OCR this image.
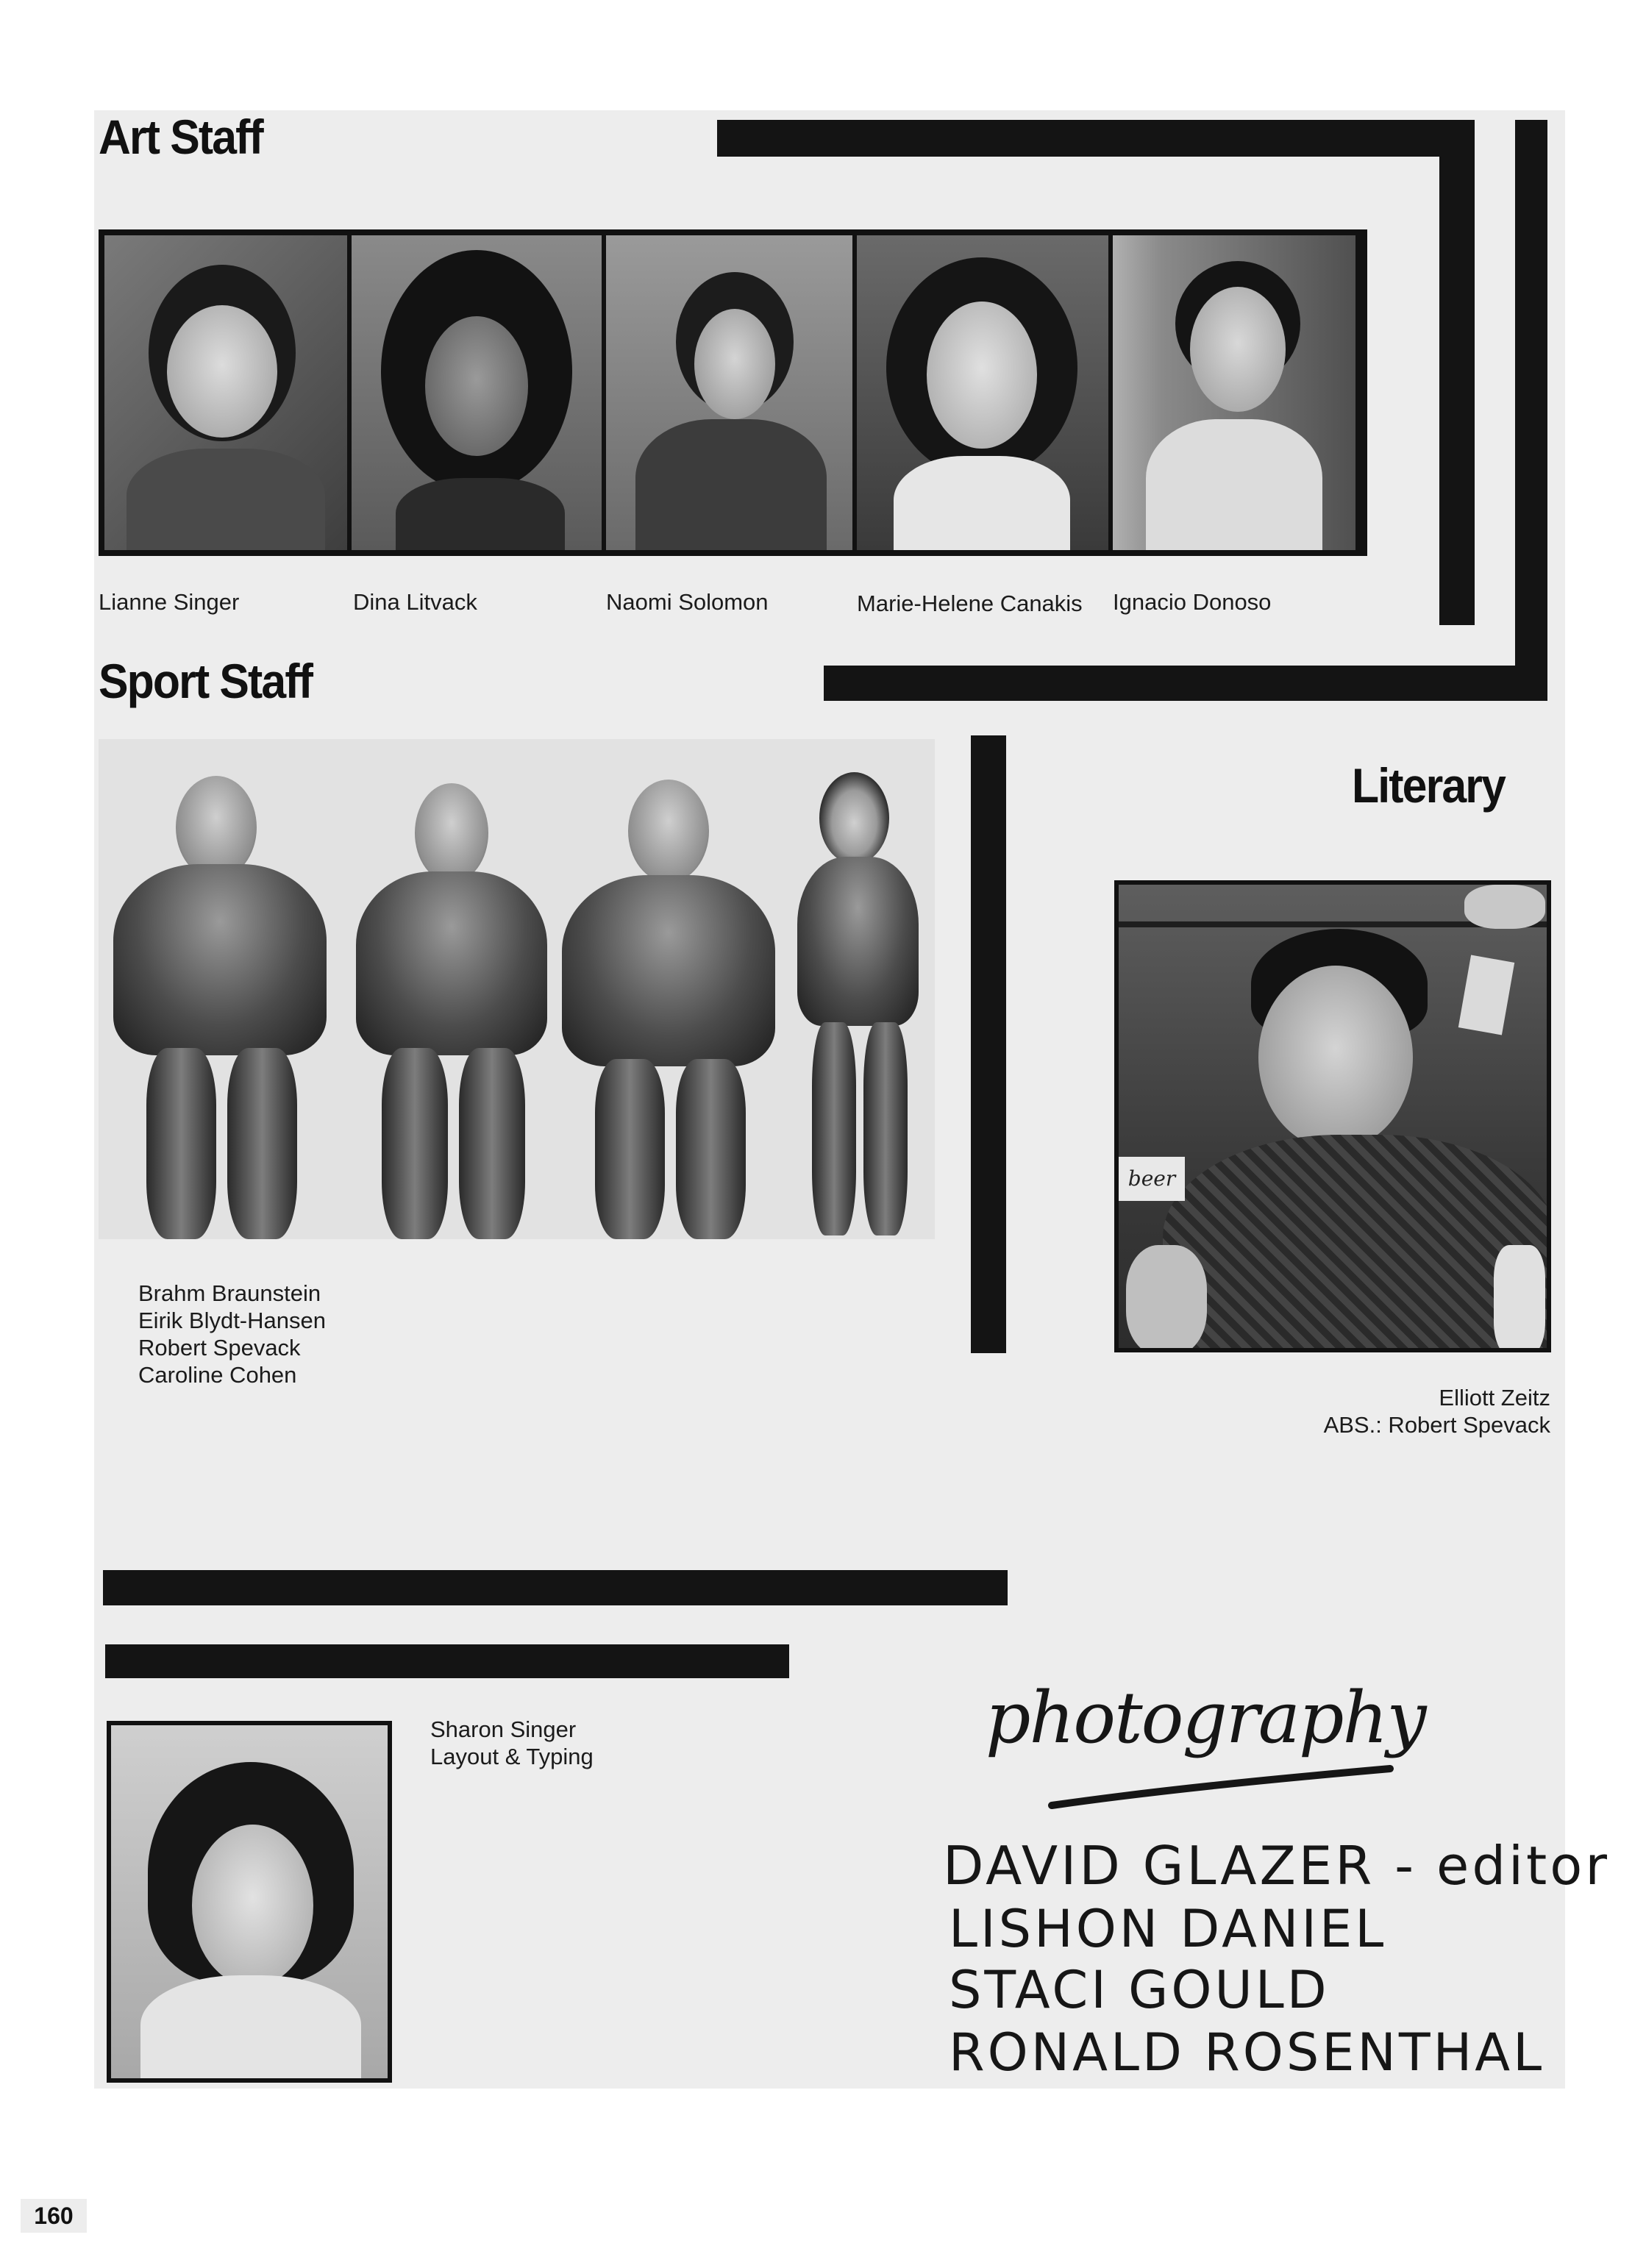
Art Staff
Lianne Singer	Dina Litvack	Naomi Solomon	Marie-Helene Canakis Ignacio Donoso
Sport Staff
Brahm Braunstein
Eirik Blydt-Hansen
Robert Spevack
Caroline Cohen
Literary
beer
Elliott Zeitz
ABS.: Robert Spevack
Sharon Singer
Layout & Typing	photography
DAVID GLAZER - editor
LISHON DANIEL
STACI GOULD
RONALD ROSENTHAL
160
